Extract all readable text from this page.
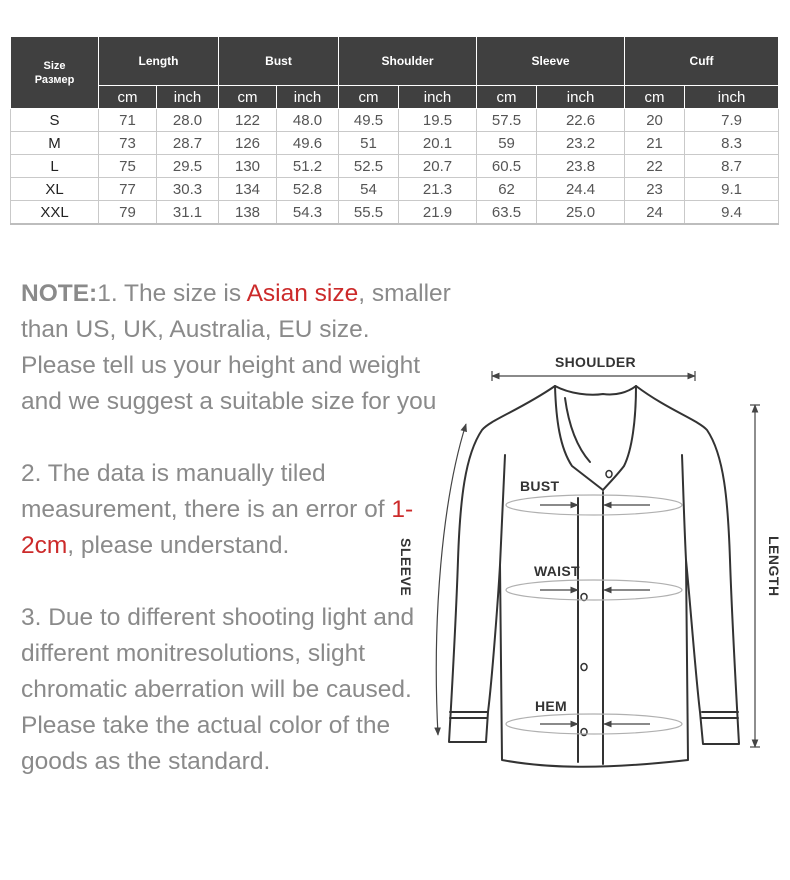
Size
Размер	Length		Bust		Shoulder		Sleeve		Cuff	
	cm	inch	cm	inch	cm	inch	cm	inch	cm	inch
S	71	28.0	122	48.0	49.5	19.5	57.5	22.6	20	7.9
M	73	28.7	126	49.6	51	20.1	59	23.2	21	8.3
L	75	29.5	130	51.2	52.5	20.7	60.5	23.8	22	8.7
XL	77	30.3	134	52.8	54	21.3	62	24.4	23	9.1
XXL	79	31.1	138	54.3	55.5	21.9	63.5	25.0	24	9.4

NOTE:1. The size is Asian size, smaller than US, UK, Australia, EU size. Please tell us your height and weight and we suggest a suitable size for you

2. The data is manually tiled measurement, there is an error of 1-2cm, please understand.

3. Due to different shooting light and different monitresolutions, slight chromatic aberration will be caused. Please take the actual color of the goods as the standard.

SHOULDER
BUST
WAIST
HEM
SLEEVE	LENGTH
